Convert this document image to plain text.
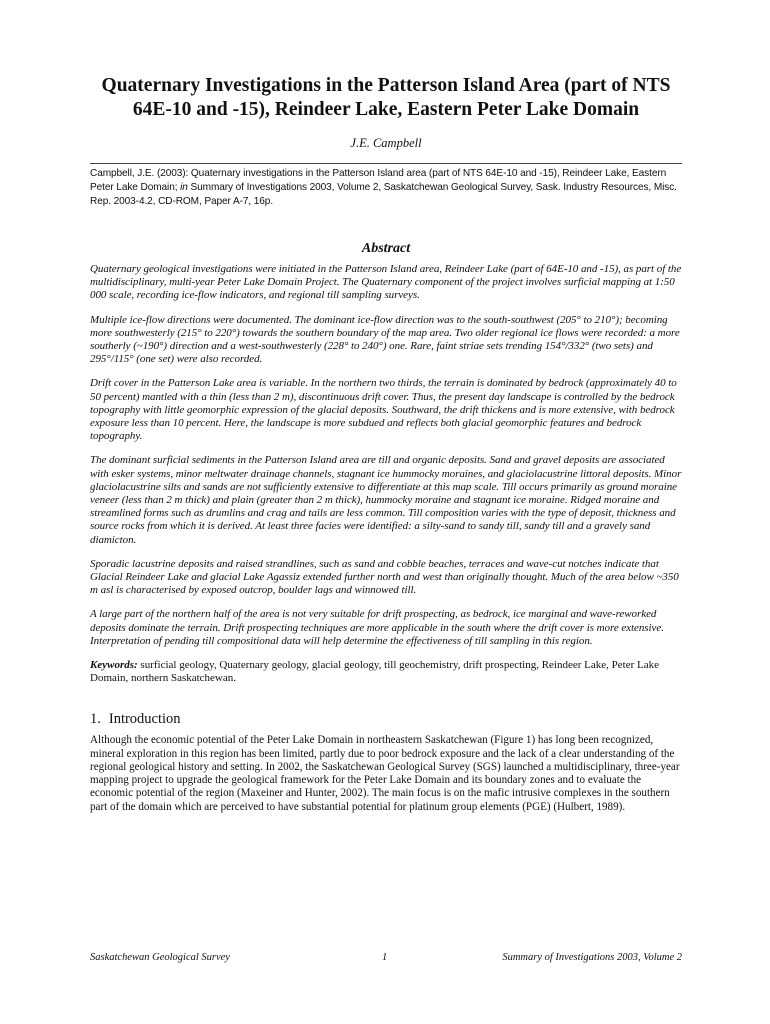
Quaternary Investigations in the Patterson Island Area (part of NTS 64E-10 and -15), Reindeer Lake, Eastern Peter Lake Domain
J.E. Campbell
Campbell, J.E. (2003): Quaternary investigations in the Patterson Island area (part of NTS 64E-10 and -15), Reindeer Lake, Eastern Peter Lake Domain; in Summary of Investigations 2003, Volume 2, Saskatchewan Geological Survey, Sask. Industry Resources, Misc. Rep. 2003-4.2, CD-ROM, Paper A-7, 16p.
Abstract

Quaternary geological investigations were initiated in the Patterson Island area, Reindeer Lake (part of 64E-10 and -15), as part of the multidisciplinary, multi-year Peter Lake Domain Project. The Quaternary component of the project involves surficial mapping at 1:50 000 scale, recording ice-flow indicators, and regional till sampling surveys.

Multiple ice-flow directions were documented. The dominant ice-flow direction was to the south-southwest (205° to 210°); becoming more southwesterly (215° to 220°) towards the southern boundary of the map area. Two older regional ice flows were recorded: a more southerly (~190°) direction and a west-southwesterly (228° to 240°) one. Rare, faint striae sets trending 154°/332° (two sets) and 295°/115° (one set) were also recorded.

Drift cover in the Patterson Lake area is variable. In the northern two thirds, the terrain is dominated by bedrock (approximately 40 to 50 percent) mantled with a thin (less than 2 m), discontinuous drift cover. Thus, the present day landscape is controlled by the bedrock topography with little geomorphic expression of the glacial deposits. Southward, the drift thickens and is more extensive, with bedrock exposure less than 10 percent. Here, the landscape is more subdued and reflects both glacial geomorphic features and bedrock topography.

The dominant surficial sediments in the Patterson Island area are till and organic deposits. Sand and gravel deposits are associated with esker systems, minor meltwater drainage channels, stagnant ice hummocky moraines, and glaciolacustrine littoral deposits. Minor glaciolacustrine silts and sands are not sufficiently extensive to differentiate at this map scale. Till occurs primarily as ground moraine veneer (less than 2 m thick) and plain (greater than 2 m thick), hummocky moraine and stagnant ice moraine. Ridged moraine and streamlined forms such as drumlins and crag and tails are less common. Till composition varies with the type of deposit, thickness and source rocks from which it is derived. At least three facies were identified: a silty-sand to sandy till, sandy till and a gravely sand diamicton.

Sporadic lacustrine deposits and raised strandlines, such as sand and cobble beaches, terraces and wave-cut notches indicate that Glacial Reindeer Lake and glacial Lake Agassiz extended further north and west than originally thought. Much of the area below ~350 m asl is characterised by exposed outcrop, boulder lags and winnowed till.

A large part of the northern half of the area is not very suitable for drift prospecting, as bedrock, ice marginal and wave-reworked deposits dominate the terrain. Drift prospecting techniques are more applicable in the south where the drift cover is more extensive. Interpretation of pending till compositional data will help determine the effectiveness of till sampling in this region.

Keywords: surficial geology, Quaternary geology, glacial geology, till geochemistry, drift prospecting, Reindeer Lake, Peter Lake Domain, northern Saskatchewan.
1. Introduction

Although the economic potential of the Peter Lake Domain in northeastern Saskatchewan (Figure 1) has long been recognized, mineral exploration in this region has been limited, partly due to poor bedrock exposure and the lack of a clear understanding of the regional geological history and setting. In 2002, the Saskatchewan Geological Survey (SGS) launched a multidisciplinary, three-year mapping project to upgrade the geological framework for the Peter Lake Domain and its boundary zones and to evaluate the economic potential of the region (Maxeiner and Hunter, 2002). The main focus is on the mafic intrusive complexes in the southern part of the domain which are perceived to have substantial potential for platinum group elements (PGE) (Hulbert, 1989).

Saskatchewan Geological Survey	1	Summary of Investigations 2003, Volume 2
